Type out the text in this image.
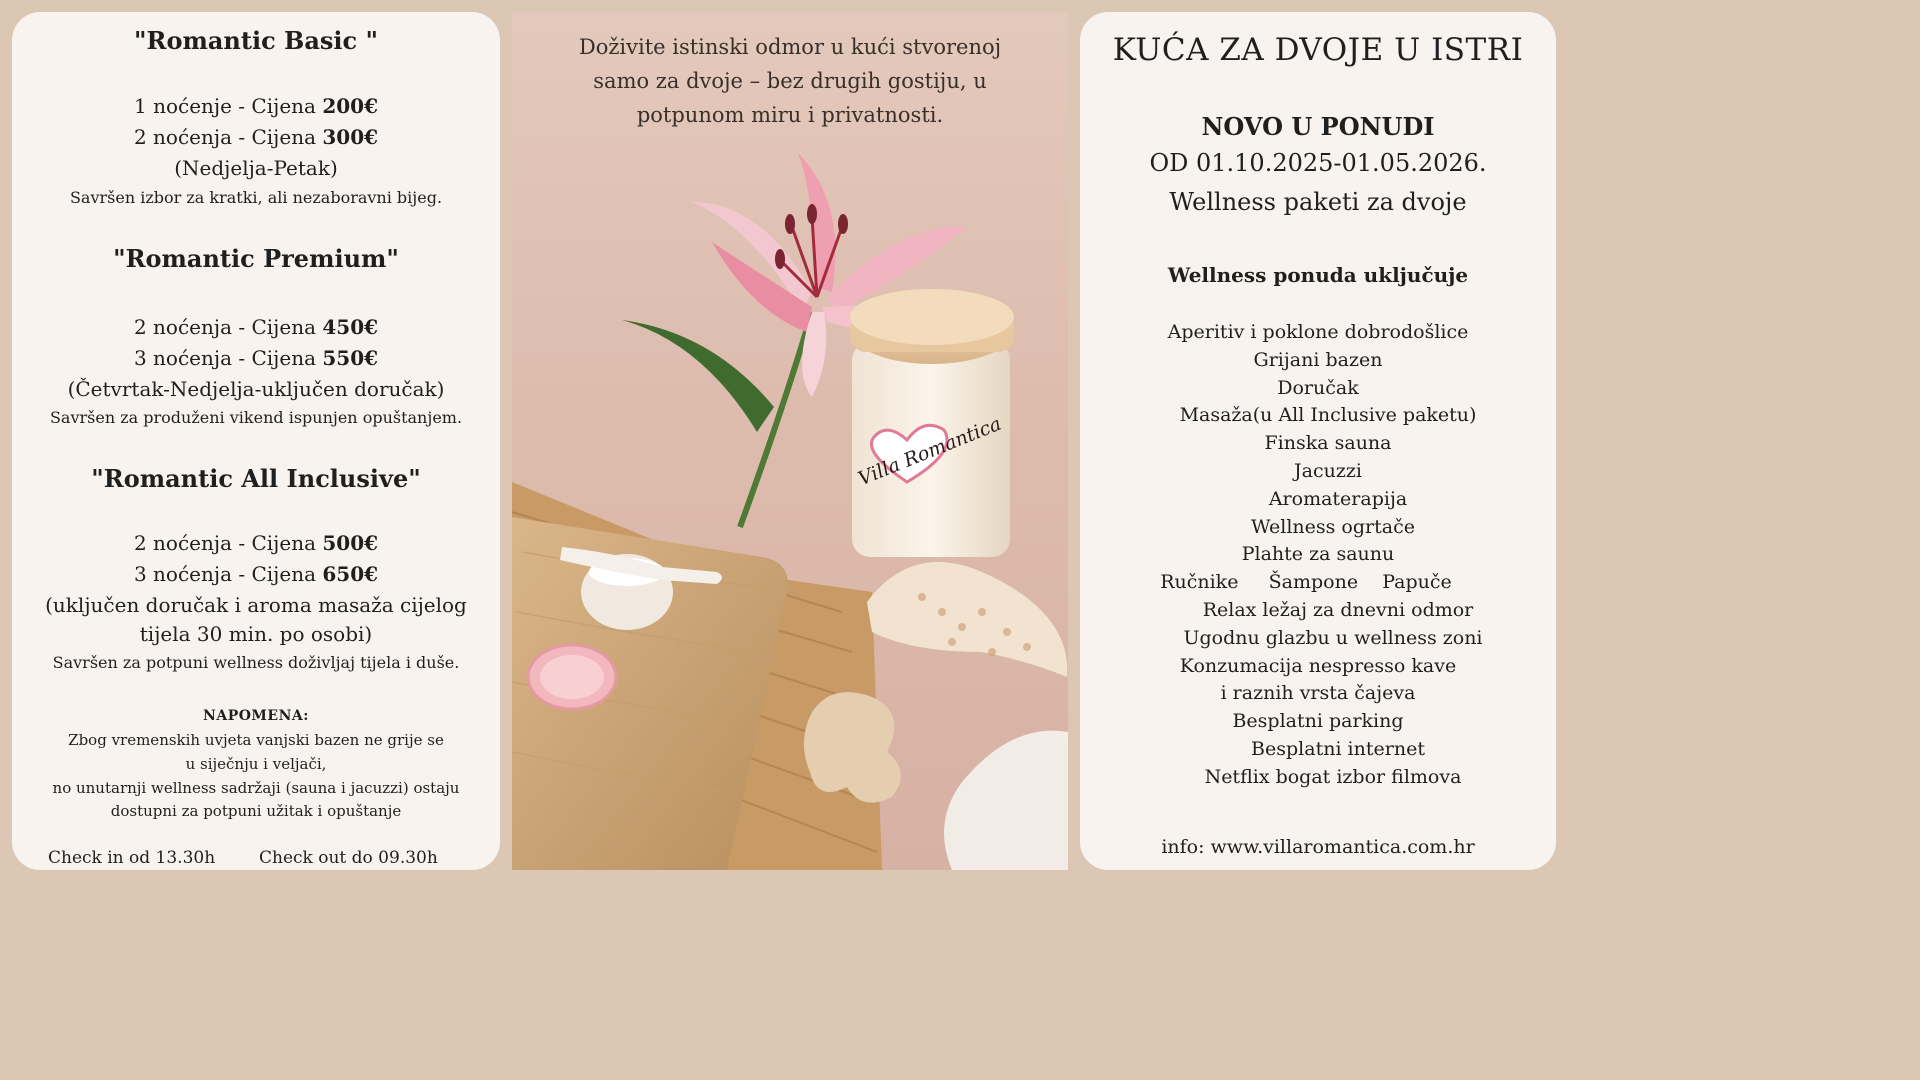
"Romantic Basic "
1 noćenje - Cijena 200€
2 noćenja - Cijena 300€
(Nedjelja-Petak)
Savršen izbor za kratki, ali nezaboravni bijeg.
"Romantic Premium"
2 noćenja - Cijena 450€
3 noćenja - Cijena 550€
(Četvrtak-Nedjelja-uključen doručak)
Savršen za produženi vikend ispunjen opuštanjem.
"Romantic All Inclusive"
2 noćenja - Cijena 500€
3 noćenja - Cijena 650€
(uključen doručak i aroma masaža cijelog
tijela 30 min. po osobi)
Savršen za potpuni wellness doživljaj tijela i duše.
NAPOMENA:
Zbog vremenskih uvjeta vanjski bazen ne grije se
u siječnju i veljači,
no unutarnji wellness sadržaji (sauna i jacuzzi) ostaju
dostupni za potpuni užitak i opuštanje
Check in od 13.30h	Check out do 09.30h
Villa Romantica
Doživite istinski odmor u kući stvorenoj
samo za dvoje – bez drugih gostiju, u
potpunom miru i privatnosti.
KUĆA ZA DVOJE U ISTRI
NOVO U PONUDI
OD 01.10.2025-01.05.2026.
Wellness paketi za dvoje
Wellness ponuda uključuje
Aperitiv i poklone dobrodošlice
Grijani bazen
Doručak
Masaža(u All Inclusive paketu)
Finska sauna
Jacuzzi
Aromaterapija
Wellness ogrtače
Plahte za saunu
Ručnike     Šampone    Papuče
Relax ležaj za dnevni odmor
Ugodnu glazbu u wellness zoni
Konzumacija nespresso kave
i raznih vrsta čajeva
Besplatni parking
Besplatni internet
Netflix bogat izbor filmova
info: www.villaromantica.com.hr
